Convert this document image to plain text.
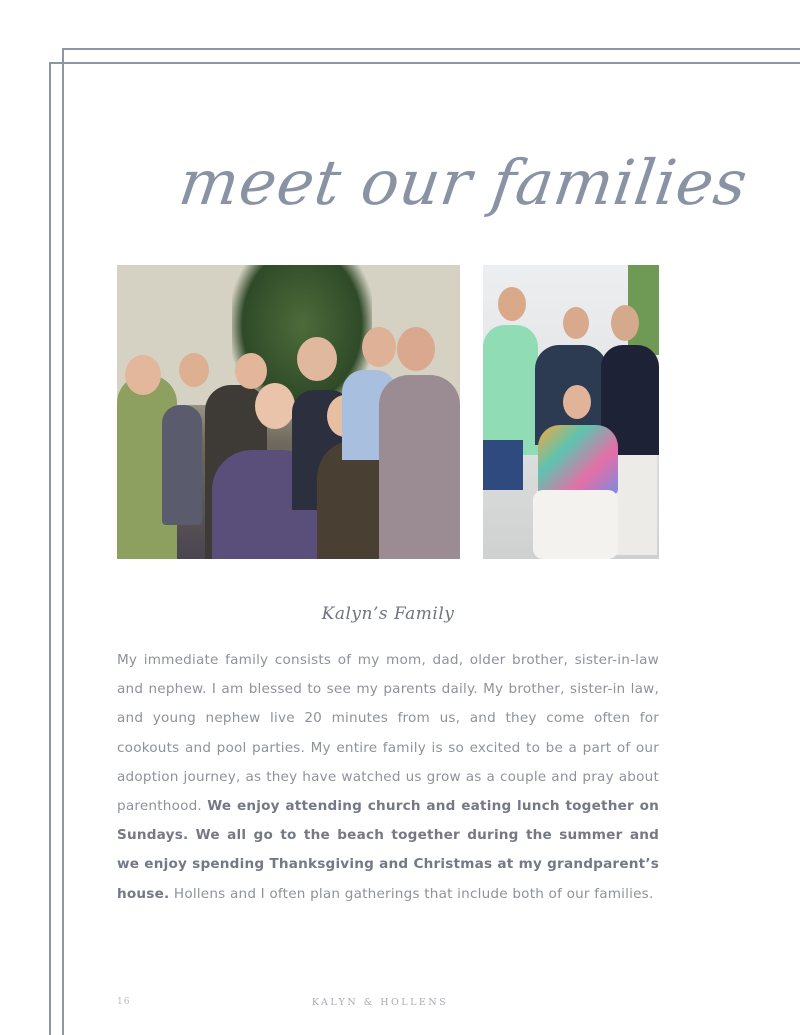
meet our families
Kalyn’s Family
My immediate family consists of my mom, dad, older brother, sister-in-law and nephew. I am blessed to see my parents daily. My brother, sister-in law, and young nephew live 20 minutes from us, and they come often for cookouts and pool parties. My entire family is so excited to be a part of our adoption journey, as they have watched us grow as a couple and pray about parenthood. We enjoy attending church and eating lunch together on Sundays. We all go to the beach together during the summer and we enjoy spending Thanksgiving and Christmas at my grandparent’s house. Hollens and I often plan gatherings that include both of our families.
16	KALYN & HOLLENS
